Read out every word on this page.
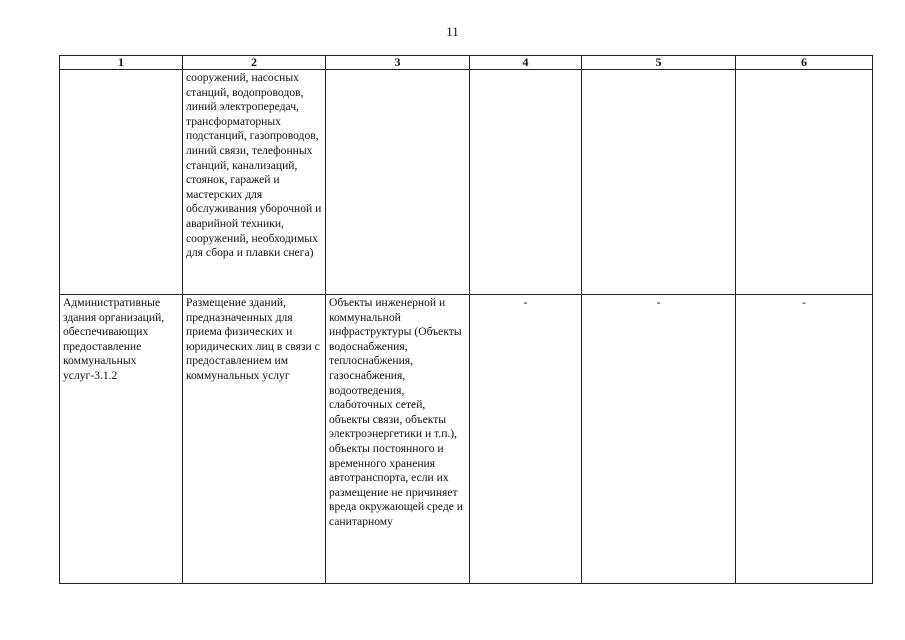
11
1	2	3	4	5	6
	сооружений, насосных станций, водопроводов, линий электропередач, трансформаторных подстанций, газопроводов, линий связи, телефонных станций, канализаций, стоянок, гаражей и мастерских для обслуживания уборочной и аварийной техники, сооружений, необходимых для сбора и плавки снега)				
Административные здания организаций, обеспечивающих предоставление коммунальных услуг-3.1.2	Размещение зданий, предназначенных для приема физических и юридических лиц в связи с предоставлением им коммунальных услуг	Объекты инженерной и коммунальной инфраструктуры (Объекты водоснабжения, теплоснабжения, газоснабжения, водоотведения, слаботочных сетей, объекты связи, объекты электроэнергетики и т.п.), объекты постоянного и временного хранения автотранспорта, если их размещение не причиняет вреда окружающей среде и санитарному	-	-	-
